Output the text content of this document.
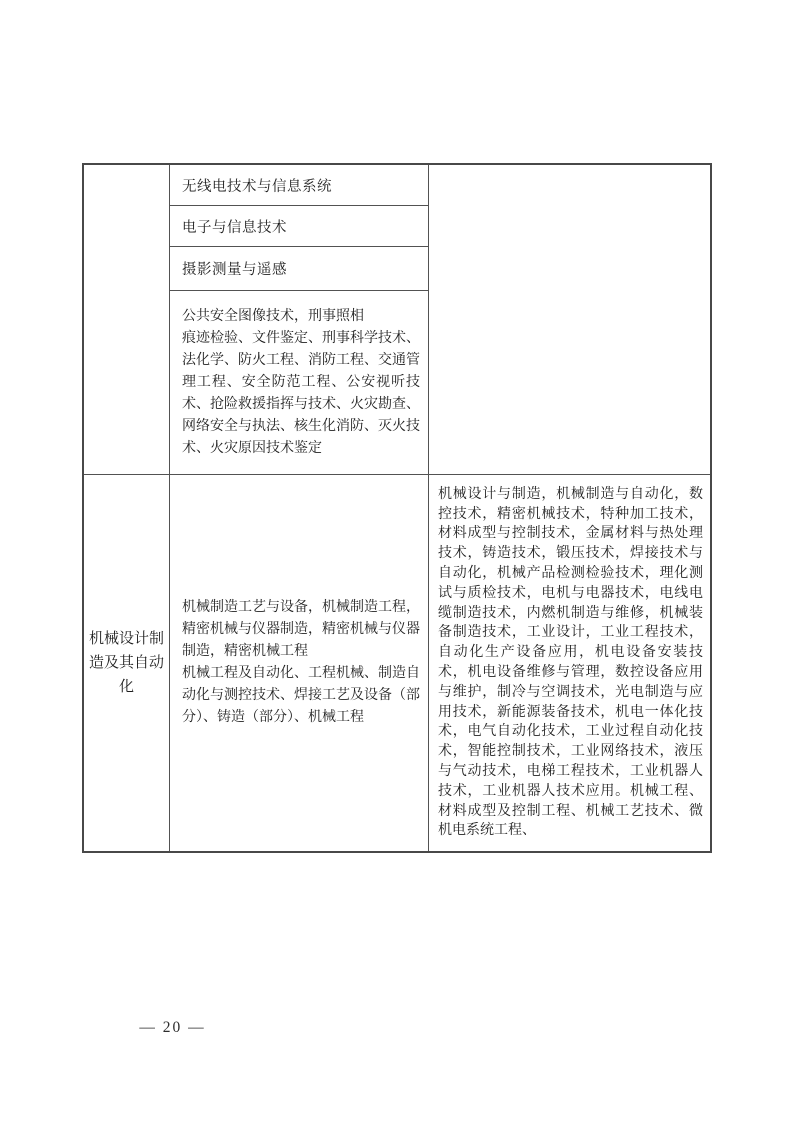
无线电技术与信息系统
电子与信息技术
摄影测量与遥感

公共安全图像技术，刑事照相

痕迹检验、文件鉴定、刑事科学技术、法化学、防火工程、消防工程、交通管理工程、安全防范工程、公安视听技术、抢险救援指挥与技术、火灾勘查、网络安全与执法、核生化消防、灭火技术、火灾原因技术鉴定

机械设计制造及其自动化

机械制造工艺与设备，机械制造工程，精密机械与仪器制造，精密机械与仪器制造，精密机械工程

机械工程及自动化、工程机械、制造自动化与测控技术、焊接工艺及设备（部分）、铸造（部分）、机械工程

机械设计与制造，机械制造与自动化，数控技术，精密机械技术，特种加工技术，材料成型与控制技术，金属材料与热处理技术，铸造技术，锻压技术，焊接技术与自动化，机械产品检测检验技术，理化测试与质检技术，电机与电器技术，电线电缆制造技术，内燃机制造与维修，机械装备制造技术，工业设计，工业工程技术，自动化生产设备应用，机电设备安装技术，机电设备维修与管理，数控设备应用与维护，制冷与空调技术，光电制造与应用技术，新能源装备技术，机电一体化技术，电气自动化技术，工业过程自动化技术，智能控制技术，工业网络技术，液压与气动技术，电梯工程技术，工业机器人技术，工业机器人技术应用。机械工程、材料成型及控制工程、机械工艺技术、微机电系统工程、

— 20 —
